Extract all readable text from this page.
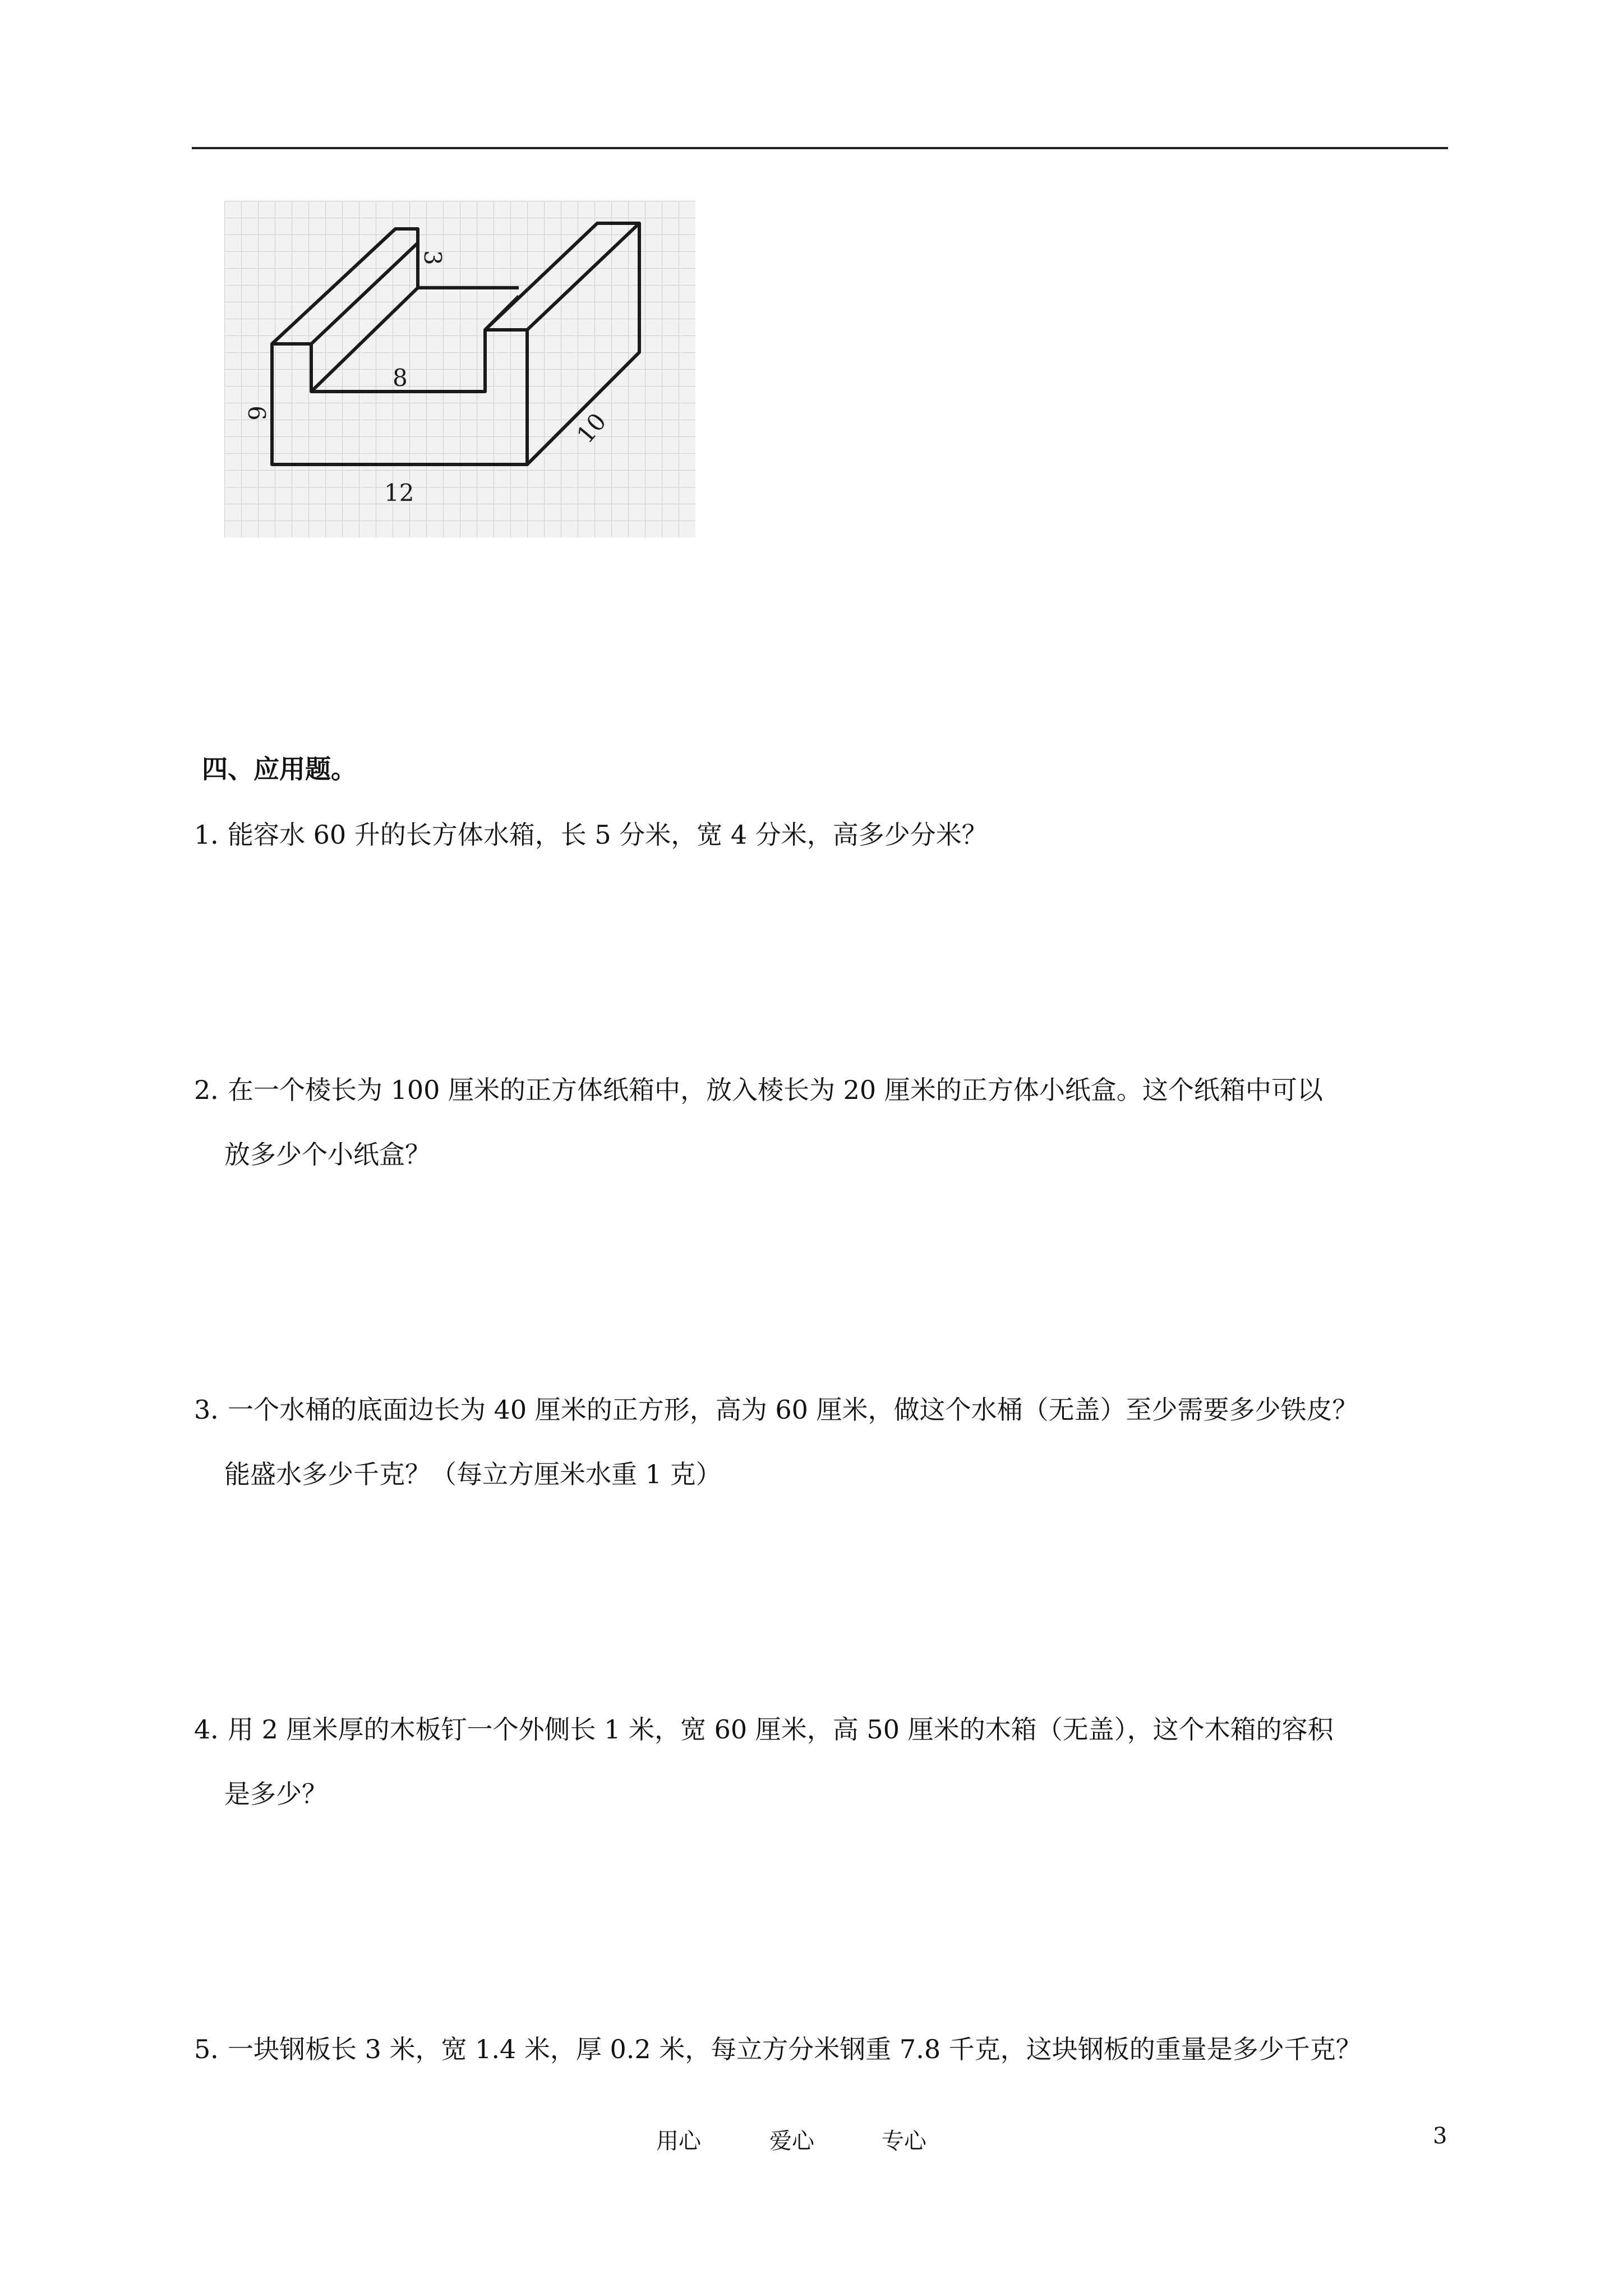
6
3
8
10
12
四、应用题。
1．能容水 60 升的长方体水箱，长 5 分米，宽 4 分米，高多少分米？
2．在一个棱长为 100 厘米的正方体纸箱中，放入棱长为 20 厘米的正方体小纸盒。这个纸箱中可以
放多少个小纸盒？
3．一个水桶的底面边长为 40 厘米的正方形，高为 60 厘米，做这个水桶（无盖）至少需要多少铁皮？
能盛水多少千克？（每立方厘米水重 1 克）
4．用 2 厘米厚的木板钉一个外侧长 1 米，宽 60 厘米，高 50 厘米的木箱（无盖），这个木箱的容积
是多少？
5．一块钢板长 3 米，宽 1.4 米，厚 0.2 米，每立方分米钢重 7.8 千克，这块钢板的重量是多少千克？
用心	爱心	专心	3
